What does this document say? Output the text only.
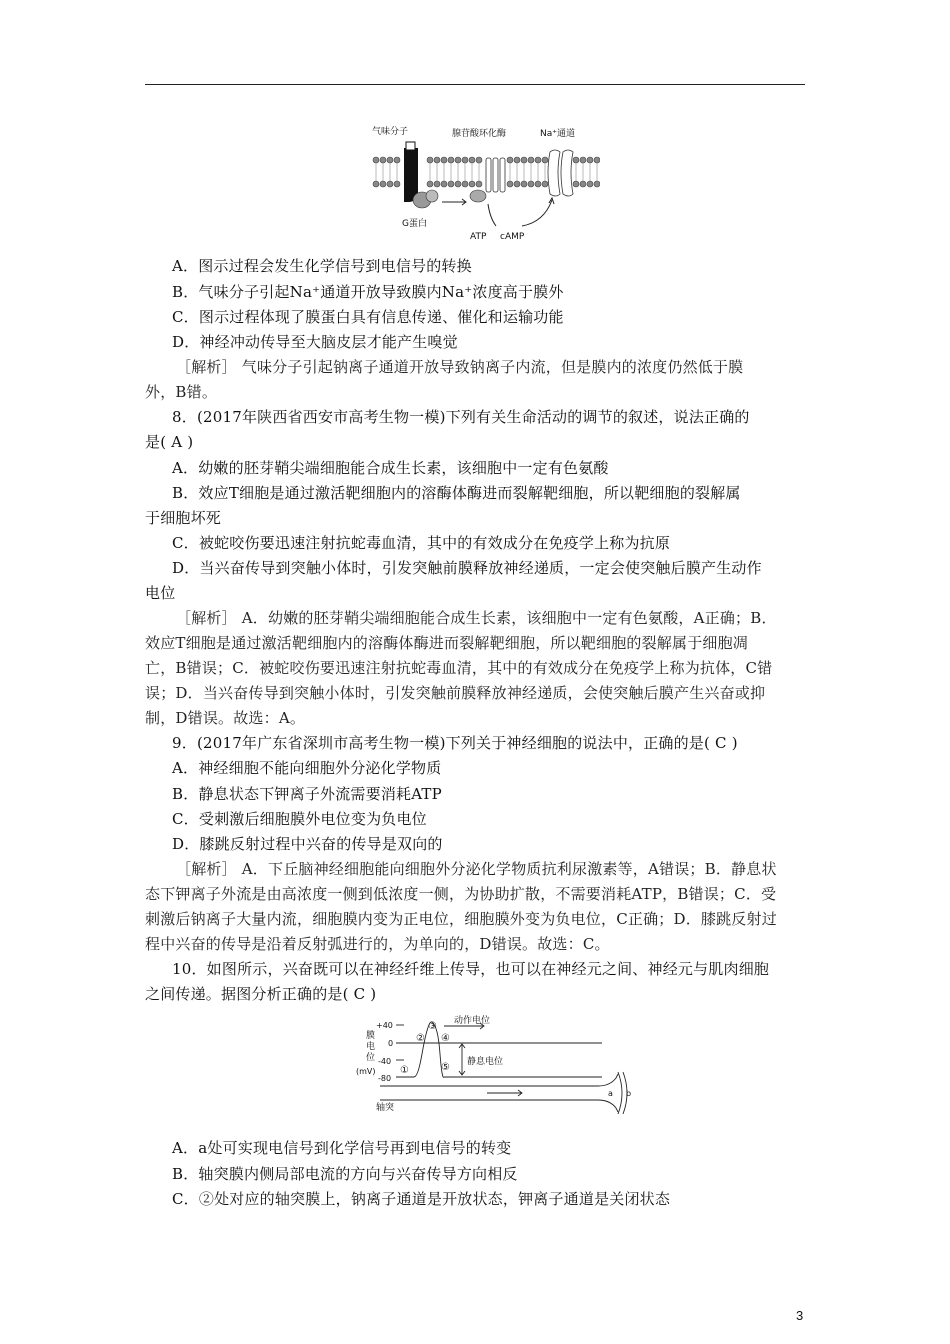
气味分子	腺苷酸环化酶	Na⁺通道
G蛋白
ATP cAMP
A．图示过程会发生化学信号到电信号的转换
B．气味分子引起Na⁺通道开放导致膜内Na⁺浓度高于膜外
C．图示过程体现了膜蛋白具有信息传递、催化和运输功能
D．神经冲动传导至大脑皮层才能产生嗅觉
［解析］ 气味分子引起钠离子通道开放导致钠离子内流，但是膜内的浓度仍然低于膜
外，B错。
8．(2017年陕西省西安市高考生物一模)下列有关生命活动的调节的叙述，说法正确的
是( A )
A．幼嫩的胚芽鞘尖端细胞能合成生长素，该细胞中一定有色氨酸
B．效应T细胞是通过激活靶细胞内的溶酶体酶进而裂解靶细胞，所以靶细胞的裂解属
于细胞坏死
C．被蛇咬伤要迅速注射抗蛇毒血清，其中的有效成分在免疫学上称为抗原
D．当兴奋传导到突触小体时，引发突触前膜释放神经递质，一定会使突触后膜产生动作
电位
［解析］ A．幼嫩的胚芽鞘尖端细胞能合成生长素，该细胞中一定有色氨酸，A正确；B．
效应T细胞是通过激活靶细胞内的溶酶体酶进而裂解靶细胞，所以靶细胞的裂解属于细胞凋
亡，B错误；C．被蛇咬伤要迅速注射抗蛇毒血清，其中的有效成分在免疫学上称为抗体，C错
误；D．当兴奋传导到突触小体时，引发突触前膜释放神经递质，会使突触后膜产生兴奋或抑
制，D错误。故选：A。
9．(2017年广东省深圳市高考生物一模)下列关于神经细胞的说法中，正确的是( C )
A．神经细胞不能向细胞外分泌化学物质
B．静息状态下钾离子外流需要消耗ATP
C．受刺激后细胞膜外电位变为负电位
D．膝跳反射过程中兴奋的传导是双向的
［解析］ A．下丘脑神经细胞能向细胞外分泌化学物质抗利尿激素等，A错误；B．静息状
态下钾离子外流是由高浓度一侧到低浓度一侧，为协助扩散，不需要消耗ATP，B错误；C．受
刺激后钠离子大量内流，细胞膜内变为正电位，细胞膜外变为负电位，C正确；D．膝跳反射过
程中兴奋的传导是沿着反射弧进行的，为单向的，D错误。故选：C。
10．如图所示，兴奋既可以在神经纤维上传导，也可以在神经元之间、神经元与肌肉细胞
之间传递。据图分析正确的是( C )
膜
电
位
(mV)
+40
0
-40
-80
①
②
③
④
⑤
动作电位
静息电位
轴突
a b
A．a处可实现电信号到化学信号再到电信号的转变
B．轴突膜内侧局部电流的方向与兴奋传导方向相反
C．②处对应的轴突膜上，钠离子通道是开放状态，钾离子通道是关闭状态
3
